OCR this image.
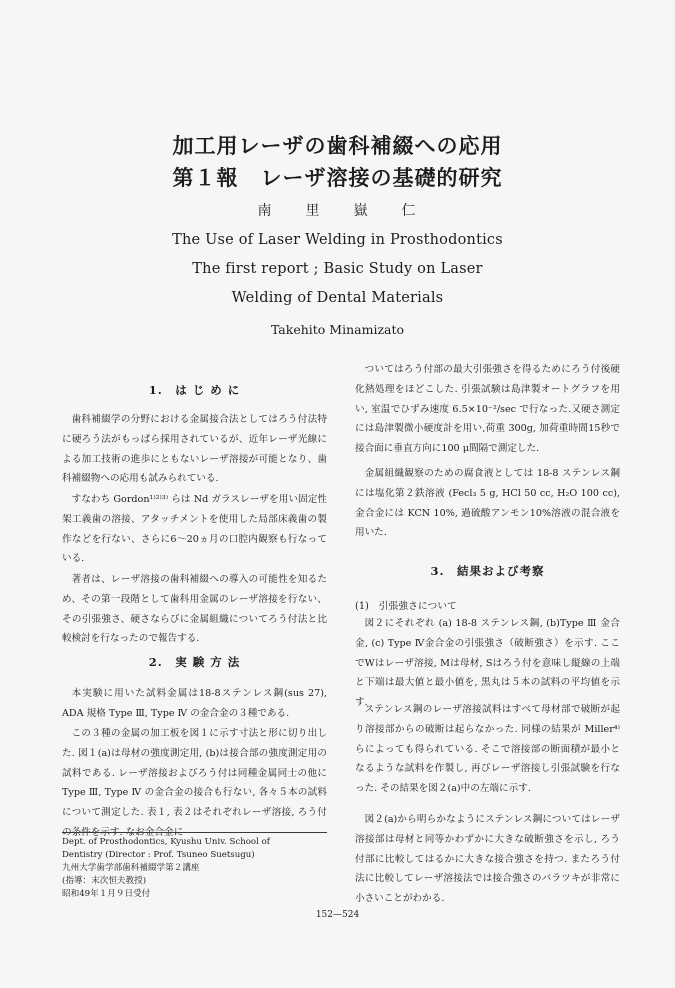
加工用レーザの歯科補綴への応用
第１報　レーザ溶接の基礎的研究
南　　里　　嶽　　仁
The Use of Laser Welding in Prosthodontics
The first report ; Basic Study on Laser
Welding of Dental Materials
Takehito Minamizato
1.　は じ め に

歯科補綴学の分野における金属接合法としてはろう付法特に硬ろう法がもっぱら採用されているが、近年レーザ光線による加工技術の進歩にともないレーザ溶接が可能となり、歯科補綴物への応用も試みられている.

すなわち Gordon¹⁾²⁾³⁾ らは Nd ガラスレーザを用い固定性架工義歯の溶接、アタッチメントを使用した局部床義歯の製作などを行ない、さらに6〜20ヵ月の口腔内観察も行なっている.

著者は、レーザ溶接の歯科補綴への導入の可能性を知るため、その第一段階として歯科用金属のレーザ溶接を行ない、その引張強さ、硬さならびに金属組織についてろう付法と比較検討を行なったので報告する.

2.　実 験 方 法

本実験に用いた試料金属は18-8ステンレス鋼(sus 27), ADA 規格 Type Ⅲ, Type Ⅳ の金合金の３種である.

この３種の金属の加工板を図１に示す寸法と形に切り出した. 図１(a)は母材の強度測定用, (b)は接合部の強度測定用の試料である. レーザ溶接およびろう付は同種金属同士の他に Type Ⅲ, Type Ⅳ の金合金の接合も行ない, 各々５本の試料について測定した. 表１, 表２はそれぞれレーザ溶接, ろう付の条件を示す. なお金合金に

Dept. of Prosthodontics, Kyushu Univ. School of
Dentistry (Director : Prof. Tsuneo Suetsugu)
九州大学歯学部歯科補綴学第２講座
(指導：末次恒夫教授)
昭和49年１月９日受付

ついてはろう付部の最大引張強さを得るためにろう付後硬化熱処理をほどこした. 引張試験は島津製オートグラフを用い, 室温でひずみ速度 6.5×10⁻²/sec で行なった.又硬さ測定には島津製微小硬度計を用い,荷重 300g, 加荷重時間15秒で接合面に垂直方向に100 μ間隔で測定した.

金属組織観察のための腐食液としては 18-8 ステンレス鋼には塩化第２鉄溶液 (Fecl₃ 5 g, HCl 50 cc, H₂O 100 cc), 金合金には KCN 10%, 過硫酸アンモン10%溶液の混合液を用いた.

3.　結果および考察
(1)　引張強さについて

図２にそれぞれ (a) 18-8 ステンレス鋼, (b)Type Ⅲ 金合金, (c) Type Ⅳ金合金の引張強さ（破断強さ）を示す. ここでWはレーザ溶接, Mは母材, Sはろう付を意味し縦線の上端と下端は最大値と最小値を, 黒丸は５本の試料の平均値を示す.

ステンレス鋼のレーザ溶接試料はすべて母材部で破断が起り溶接部からの破断は起らなかった. 同様の結果が Miller⁴⁾ らによっても得られている. そこで溶接部の断面積が最小となるような試料を作製し, 再びレーザ溶接し引張試験を行なった. その結果を図２(a)中の左端に示す.

図２(a)から明らかなようにステンレス鋼についてはレーザ溶接部は母材と同等かわずかに大きな破断強さを示し, ろう付部に比較してはるかに大きな接合強さを持つ. またろう付法に比較してレーザ溶接法では接合強さのバラツキが非常に小さいことがわかる.

152—524
